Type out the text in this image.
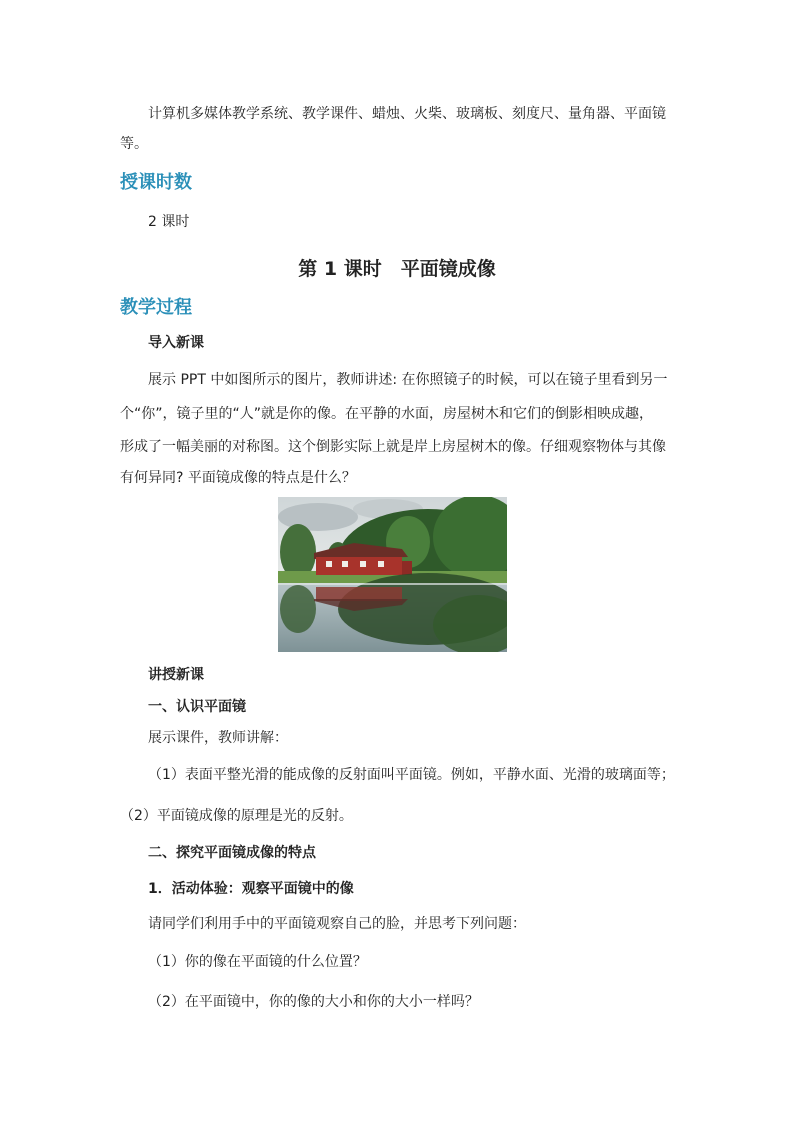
计算机多媒体教学系统、教学课件、蜡烛、火柴、玻璃板、刻度尺、量角器、平面镜

等。

授课时数

2 课时

第 1 课时　平面镜成像
教学过程

导入新课

展示 PPT 中如图所示的图片，教师讲述: 在你照镜子的时候，可以在镜子里看到另一

个“你”，镜子里的“人”就是你的像。在平静的水面，房屋树木和它们的倒影相映成趣，

形成了一幅美丽的对称图。这个倒影实际上就是岸上房屋树木的像。仔细观察物体与其像

有何异同? 平面镜成像的特点是什么？

讲授新课

一、认识平面镜

展示课件，教师讲解：

（1）表面平整光滑的能成像的反射面叫平面镜。例如，平静水面、光滑的玻璃面等；

（2）平面镜成像的原理是光的反射。

二、探究平面镜成像的特点

1．活动体验：观察平面镜中的像

请同学们利用手中的平面镜观察自己的脸，并思考下列问题：

（1）你的像在平面镜的什么位置？

（2）在平面镜中，你的像的大小和你的大小一样吗？
